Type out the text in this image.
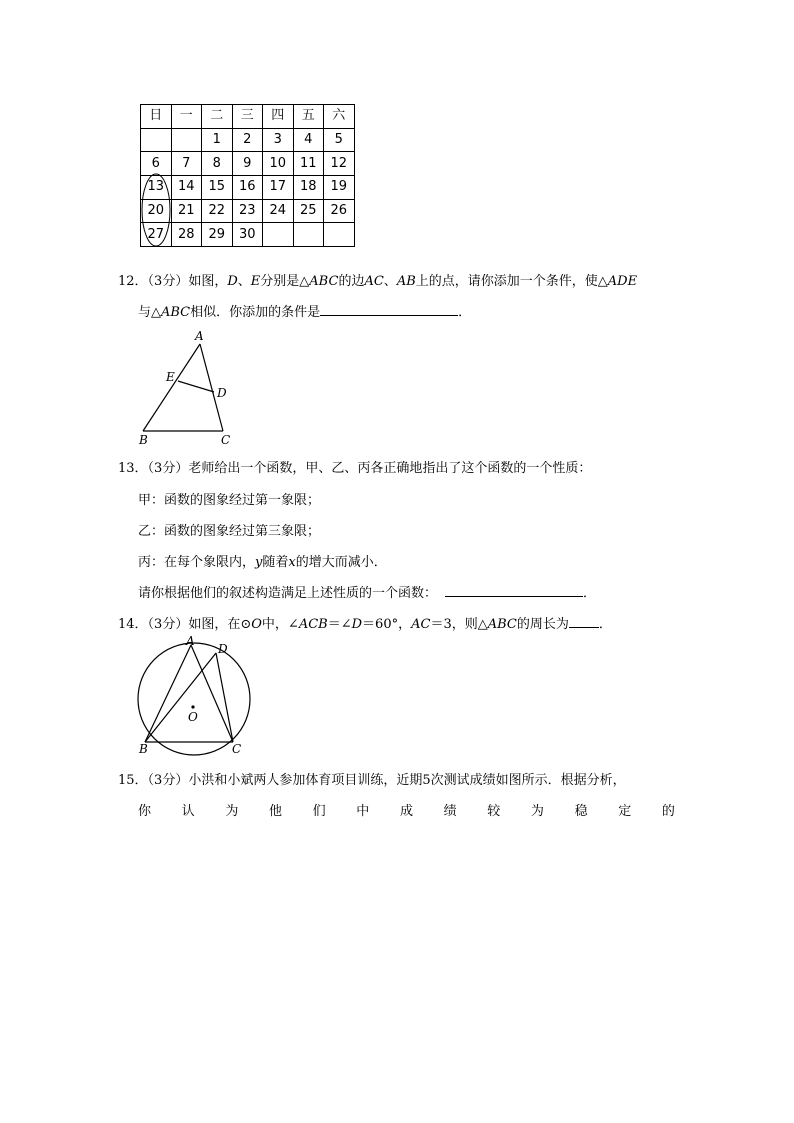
日	一	二	三	四	五	六
		1	2	3	4	5
6	7	8	9	10	11	12
13	14	15	16	17	18	19
20	21	22	23	24	25	26
27	28	29	30			
12．（3分）如图，D、E分别是△ABC的边AC、AB上的点，请你添加一个条件，使△ADE
与△ABC相似．你添加的条件是	．
A
E
D
B	C
13．（3分）老师给出一个函数，甲、乙、丙各正确地指出了这个函数的一个性质：
甲：函数的图象经过第一象限；
乙：函数的图象经过第三象限；
丙：在每个象限内，y随着x的增大而减小．
请你根据他们的叙述构造满足上述性质的一个函数：	．
14．（3分）如图，在⊙O中，∠ACB＝∠D＝60°，AC＝3，则△ABC的周长为 ．
A
D
O
B	C
15．（3分）小洪和小斌两人参加体育项目训练，近期5次测试成绩如图所示．根据分析，
你 认 为 他 们 中 成 绩 较 为 稳 定 的
